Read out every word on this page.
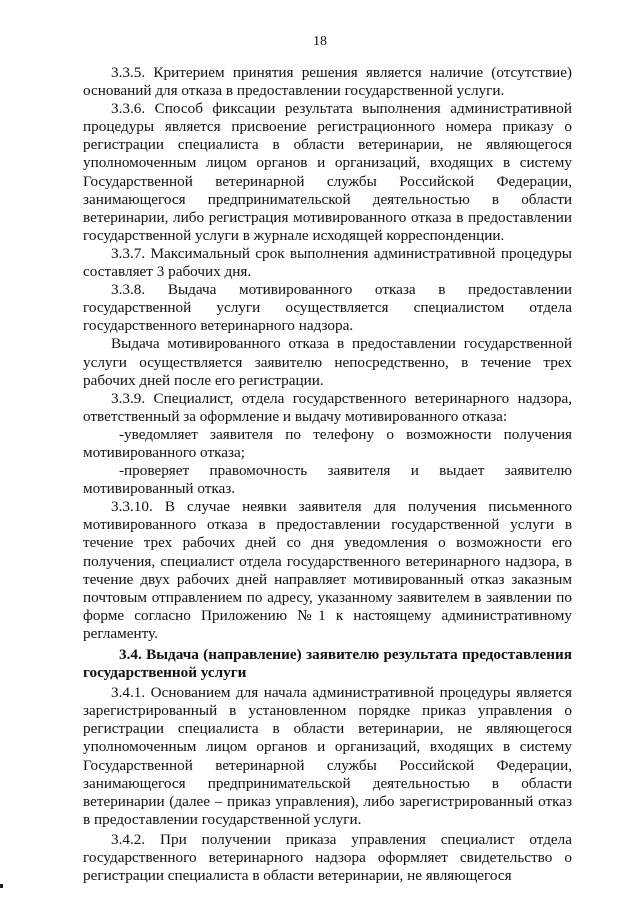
18

3.3.5. Критерием принятия решения является наличие (отсутствие) оснований для отказа в предоставлении государственной услуги.

3.3.6. Способ фиксации результата выполнения административной процедуры является присвоение регистрационного номера приказу о регистрации специалиста в области ветеринарии, не являющегося уполномоченным лицом органов и организаций, входящих в систему Государственной ветеринарной службы Российской Федерации, занимающегося предпринимательской деятельностью в области ветеринарии, либо регистрация мотивированного отказа в предоставлении государственной услуги в журнале исходящей корреспонденции.

3.3.7. Максимальный срок выполнения административной процедуры составляет 3 рабочих дня.

3.3.8. Выдача мотивированного отказа в предоставлении государственной услуги осуществляется специалистом отдела государственного ветеринарного надзора.

Выдача мотивированного отказа в предоставлении государственной услуги осуществляется заявителю непосредственно, в течение трех рабочих дней после его регистрации.

3.3.9. Специалист, отдела государственного ветеринарного надзора, ответственный за оформление и выдачу мотивированного отказа:

-уведомляет заявителя по телефону о возможности получения мотивированного отказа;

-проверяет правомочность заявителя и выдает заявителю мотивированный отказ.

3.3.10. В случае неявки заявителя для получения письменного мотивированного отказа в предоставлении государственной услуги в течение трех рабочих дней со дня уведомления о возможности его получения, специалист отдела государственного ветеринарного надзора, в течение двух рабочих дней направляет мотивированный отказ заказным почтовым отправлением по адресу, указанному заявителем в заявлении по форме согласно Приложению №1 к настоящему административному регламенту.

3.4. Выдача (направление) заявителю результата предоставления государственной услуги

3.4.1. Основанием для начала административной процедуры является зарегистрированный в установленном порядке приказ управления о регистрации специалиста в области ветеринарии, не являющегося уполномоченным лицом органов и организаций, входящих в систему Государственной ветеринарной службы Российской Федерации, занимающегося предпринимательской деятельностью в области ветеринарии (далее – приказ управления), либо зарегистрированный отказ в предоставлении государственной услуги.

3.4.2. При получении приказа управления специалист отдела государственного ветеринарного надзора оформляет свидетельство о регистрации специалиста в области ветеринарии, не являющегося
